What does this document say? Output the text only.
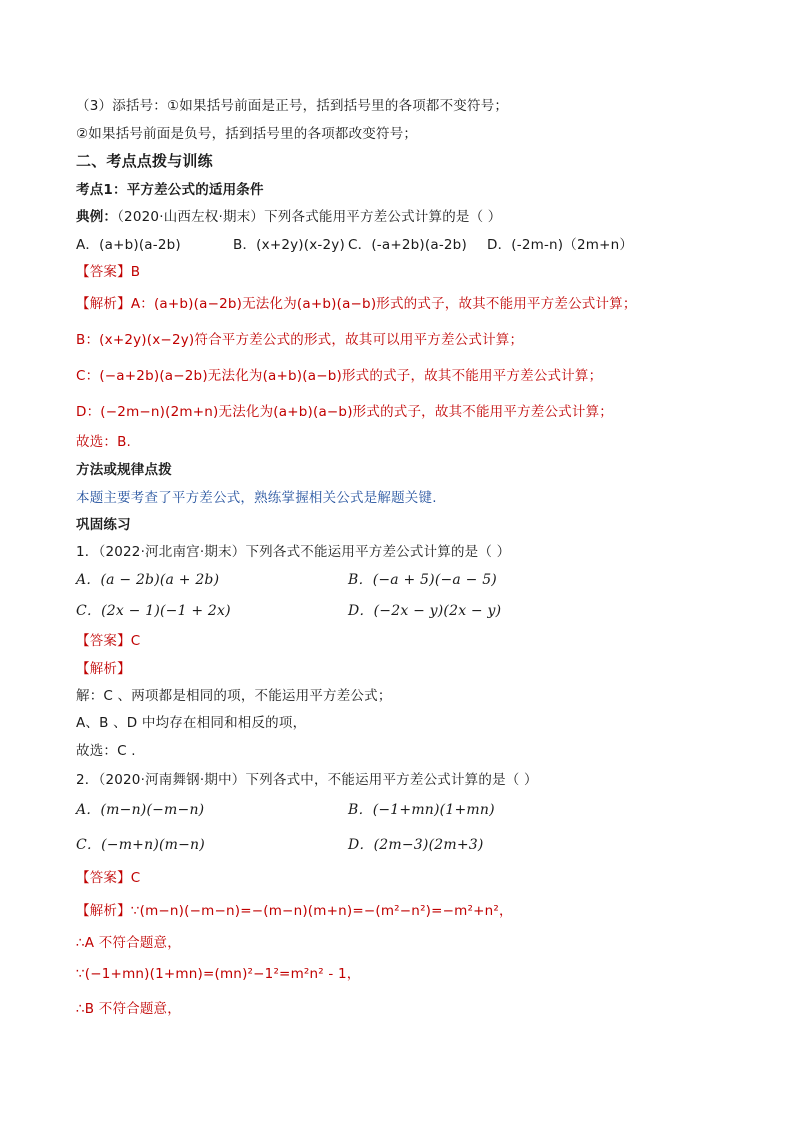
（3）添括号：①如果括号前面是正号，括到括号里的各项都不变符号；
②如果括号前面是负号，括到括号里的各项都改变符号；
二、考点点拨与训练
考点1：平方差公式的适用条件
典例：（2020·山西左权·期末）下列各式能用平方差公式计算的是（ ）
A．(a+b)(a-2b)	B．(x+2y)(x-2y) C．(-a+2b)(a-2b) D．(-2m-n)（2m+n）
【答案】B
【解析】A：(a+b)(a−2b)无法化为(a+b)(a−b)形式的式子，故其不能用平方差公式计算；
B：(x+2y)(x−2y)符合平方差公式的形式，故其可以用平方差公式计算；
C：(−a+2b)(a−2b)无法化为(a+b)(a−b)形式的式子，故其不能用平方差公式计算；
D：(−2m−n)(2m+n)无法化为(a+b)(a−b)形式的式子，故其不能用平方差公式计算；
故选：B.
方法或规律点拨
本题主要考查了平方差公式，熟练掌握相关公式是解题关键.
巩固练习
1．（2022·河北南宫·期末）下列各式不能运用平方差公式计算的是（ ）
A．(a − 2b)(a + 2b)	B．(−a + 5)(−a − 5)
C．(2x − 1)(−1 + 2x)	D．(−2x − y)(2x − y)
【答案】C
【解析】
解：C 、两项都是相同的项，不能运用平方差公式；
A、B 、D 中均存在相同和相反的项，
故选：C .
2．（2020·河南舞钢·期中）下列各式中，不能运用平方差公式计算的是（ ）
A．(m−n)(−m−n)	B．(−1+mn)(1+mn)
C．(−m+n)(m−n)	D．(2m−3)(2m+3)
【答案】C
【解析】∵(m−n)(−m−n)=−(m−n)(m+n)=−(m²−n²)=−m²+n²，
∴A 不符合题意，
∵(−1+mn)(1+mn)=(mn)²−1²=m²n² - 1，
∴B 不符合题意，
